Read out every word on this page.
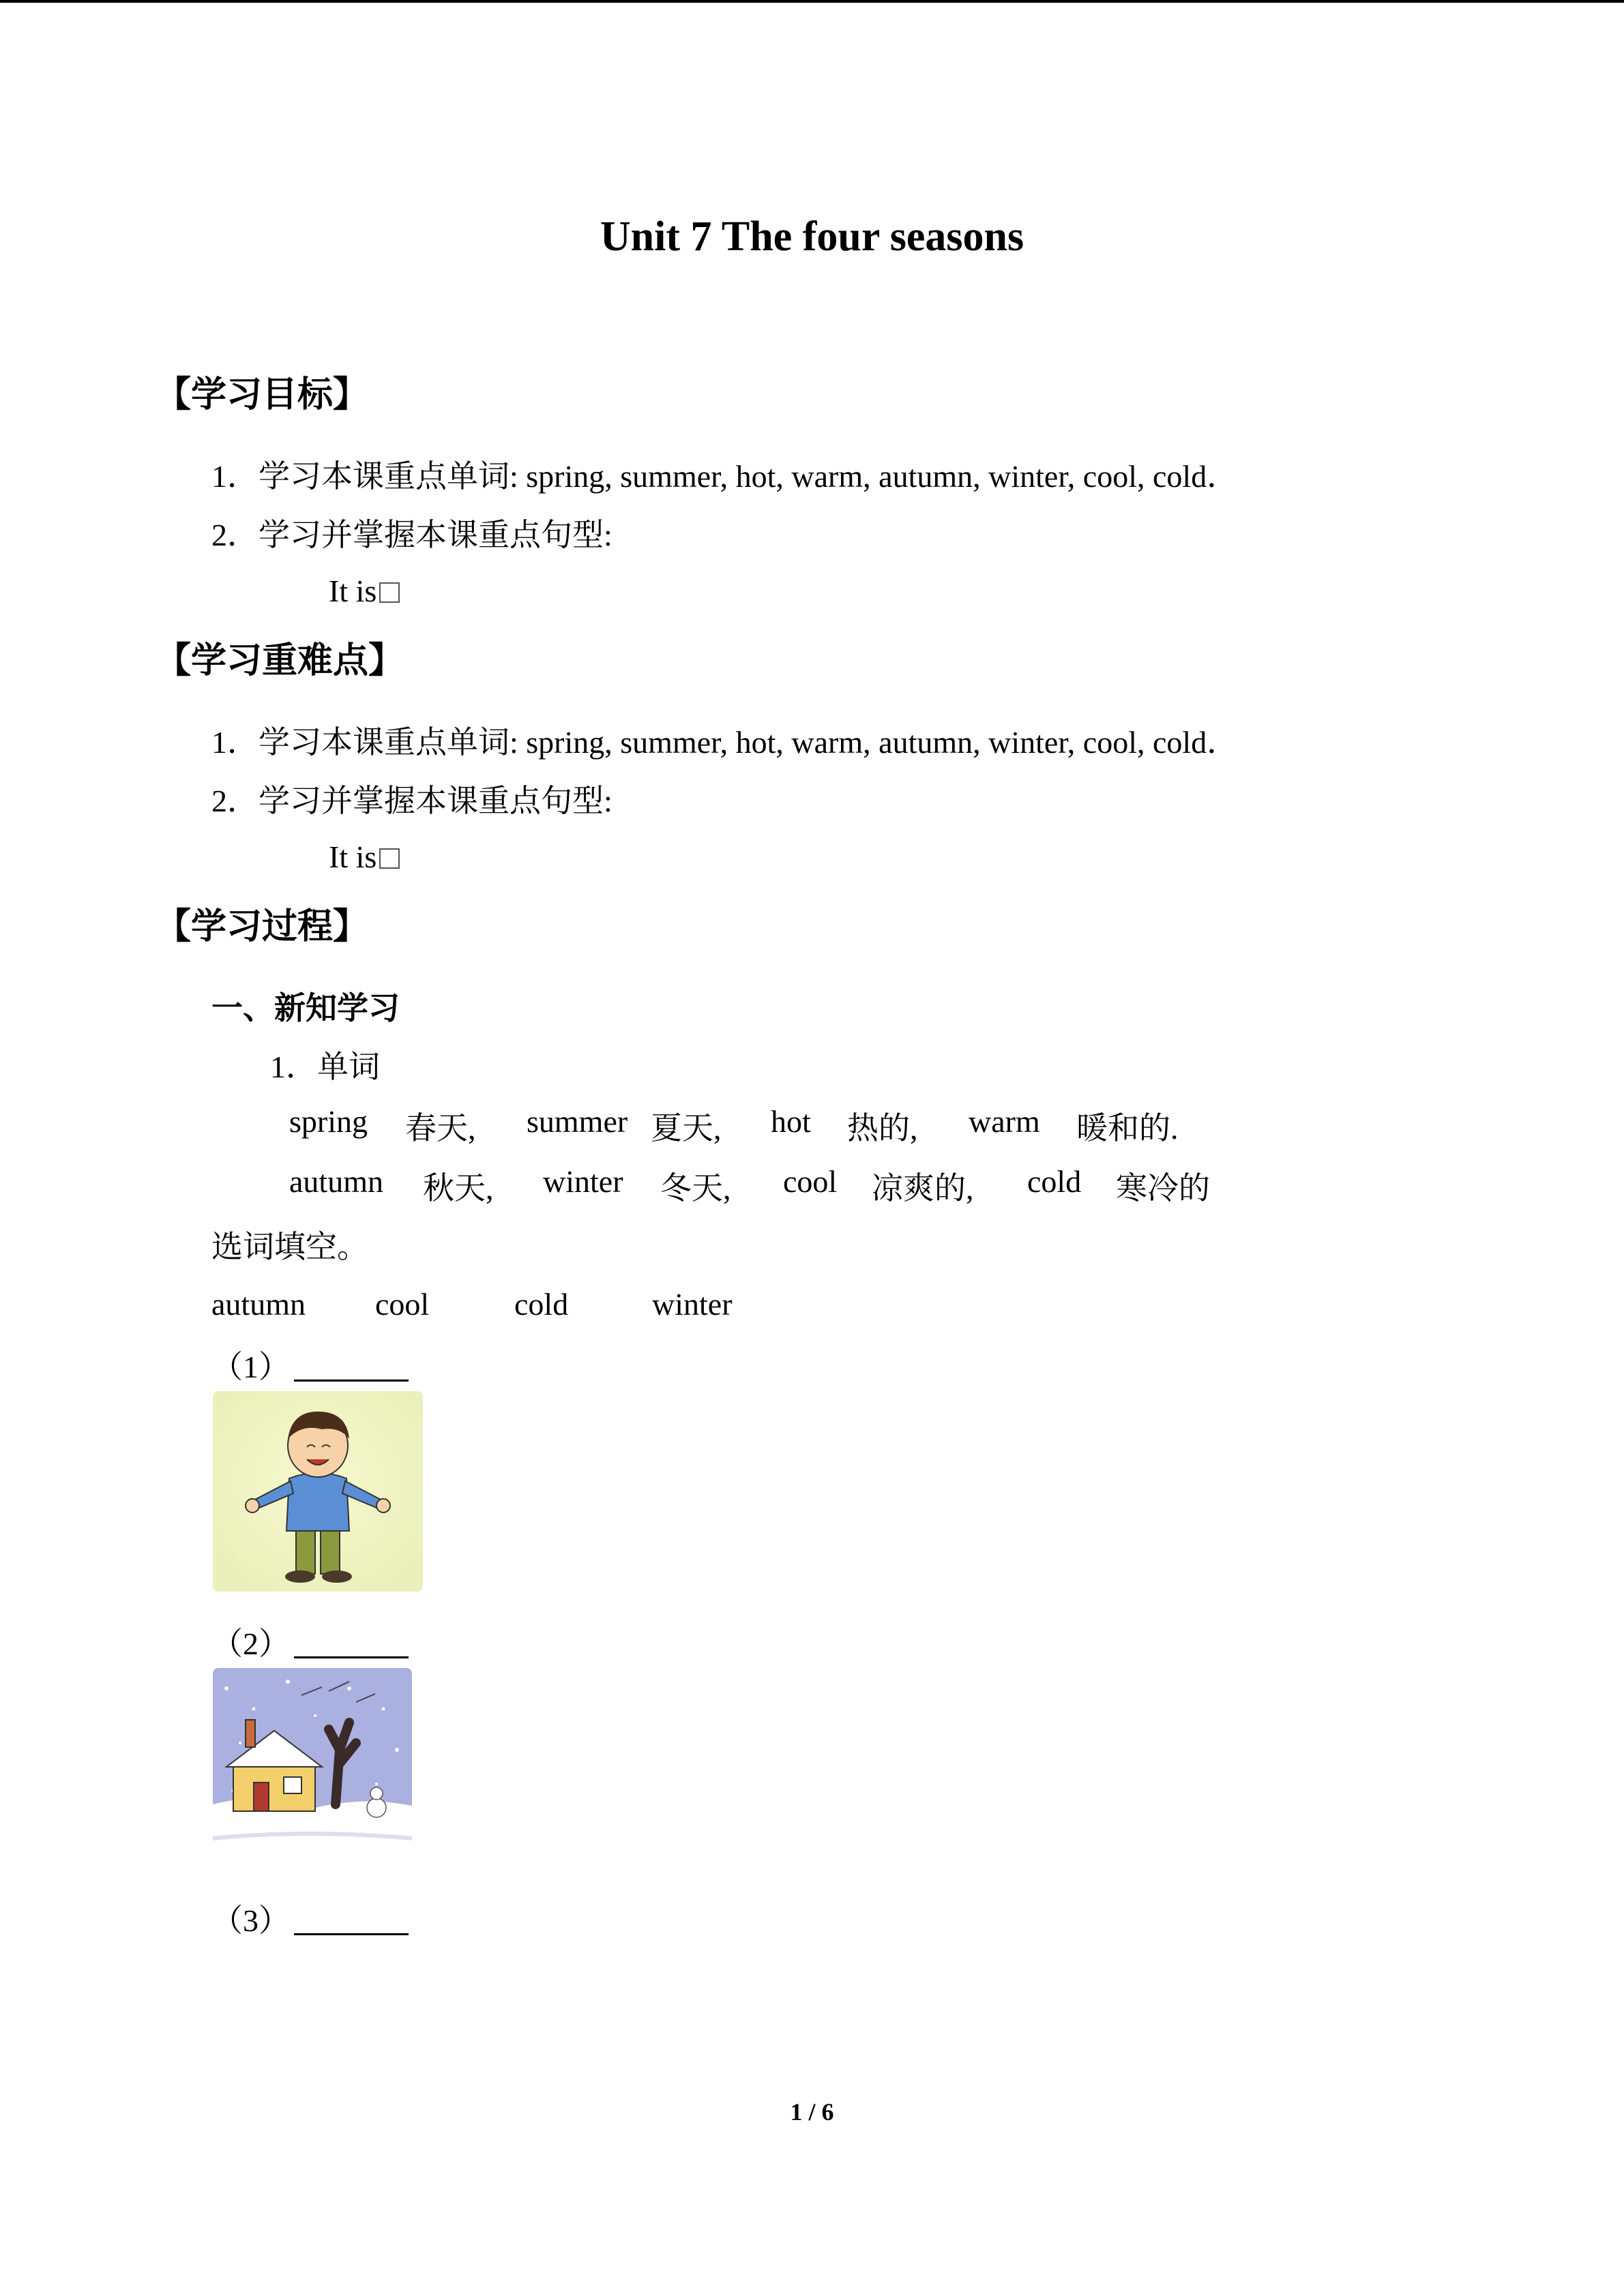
Unit 7 The four seasons
【学习目标】
1．学习本课重点单词: spring, summer, hot, warm, autumn, winter, cool, cold．
2．学习并掌握本课重点句型:
It is
【学习重难点】
1．学习本课重点单词: spring, summer, hot, warm, autumn, winter, cool, cold．
2．学习并掌握本课重点句型:
It is
【学习过程】
一、新知学习
1．单词
spring 春天, summer 夏天, hot 热的, warm 暖和的.
autumn 秋天, winter 冬天, cool 凉爽的, cold 寒冷的
选词填空。
autumn cool	cold	winter
（1）
（2）
（3）
1 / 6
